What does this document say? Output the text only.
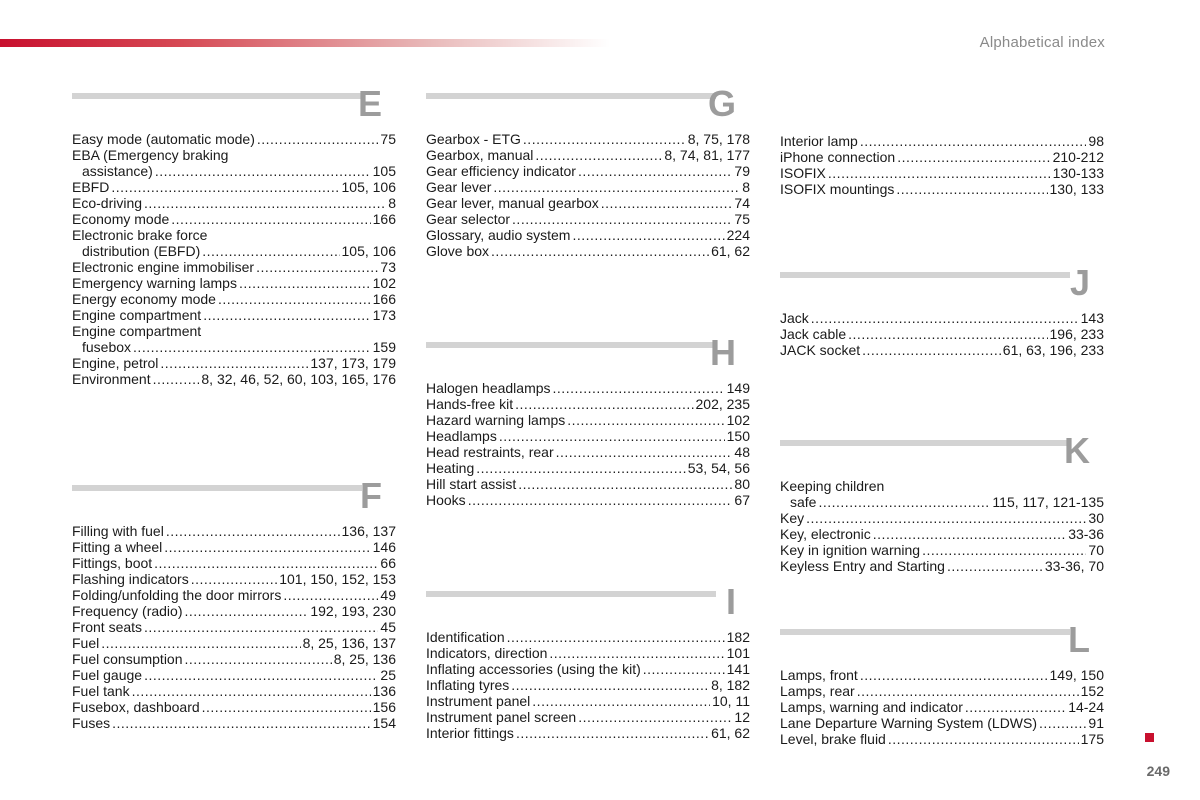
Alphabetical index
E
Easy mode (automatic mode) .....	75
EBA (Emergency braking
assistance) .....	105
EBFD .....	105, 106
Eco-driving .....	8
Economy mode .....	166
Electronic brake force
distribution (EBFD) .....	105, 106
Electronic engine immobiliser .....	73
Emergency warning lamps .....	102
Energy economy mode .....	166
Engine compartment .....	173
Engine compartment
fusebox .....	159
Engine, petrol .....	137, 173, 179
Environment .....	8, 32, 46, 52, 60, 103, 165, 176
F
Filling with fuel .....	136, 137
Fitting a wheel .....	146
Fittings, boot .....	66
Flashing indicators .....	101, 150, 152, 153
Folding/unfolding the door mirrors .....	49
Frequency (radio) .....	192, 193, 230
Front seats .....	45
Fuel .....	8, 25, 136, 137
Fuel consumption .....	8, 25, 136
Fuel gauge .....	25
Fuel tank .....	136
Fusebox, dashboard .....	156
Fuses .....	154
G
Gearbox - ETG .....	8, 75, 178
Gearbox, manual .....	8, 74, 81, 177
Gear efficiency indicator .....	79
Gear lever .....	8
Gear lever, manual gearbox .....	74
Gear selector .....	75
Glossary, audio system .....	224
Glove box .....	61, 62
H
Halogen headlamps .....	149
Hands-free kit .....	202, 235
Hazard warning lamps .....	102
Headlamps .....	150
Head restraints, rear .....	48
Heating .....	53, 54, 56
Hill start assist .....	80
Hooks .....	67
I
Identification .....	182
Indicators, direction .....	101
Inflating accessories (using the kit) .....	141
Inflating tyres .....	8, 182
Instrument panel .....	10, 11
Instrument panel screen .....	12
Interior fittings .....	61, 62
Interior lamp .....	98
iPhone connection .....	210-212
ISOFIX .....	130-133
ISOFIX mountings .....	130, 133
J
Jack .....	143
Jack cable .....	196, 233
JACK socket .....	61, 63, 196, 233
K
Keeping children
safe .....	115, 117, 121-135
Key .....	30
Key, electronic .....	33-36
Key in ignition warning .....	70
Keyless Entry and Starting .....	33-36, 70
L
Lamps, front .....	149, 150
Lamps, rear .....	152
Lamps, warning and indicator .....	14-24
Lane Departure Warning System (LDWS) .....	91
Level, brake fluid .....	175
249
